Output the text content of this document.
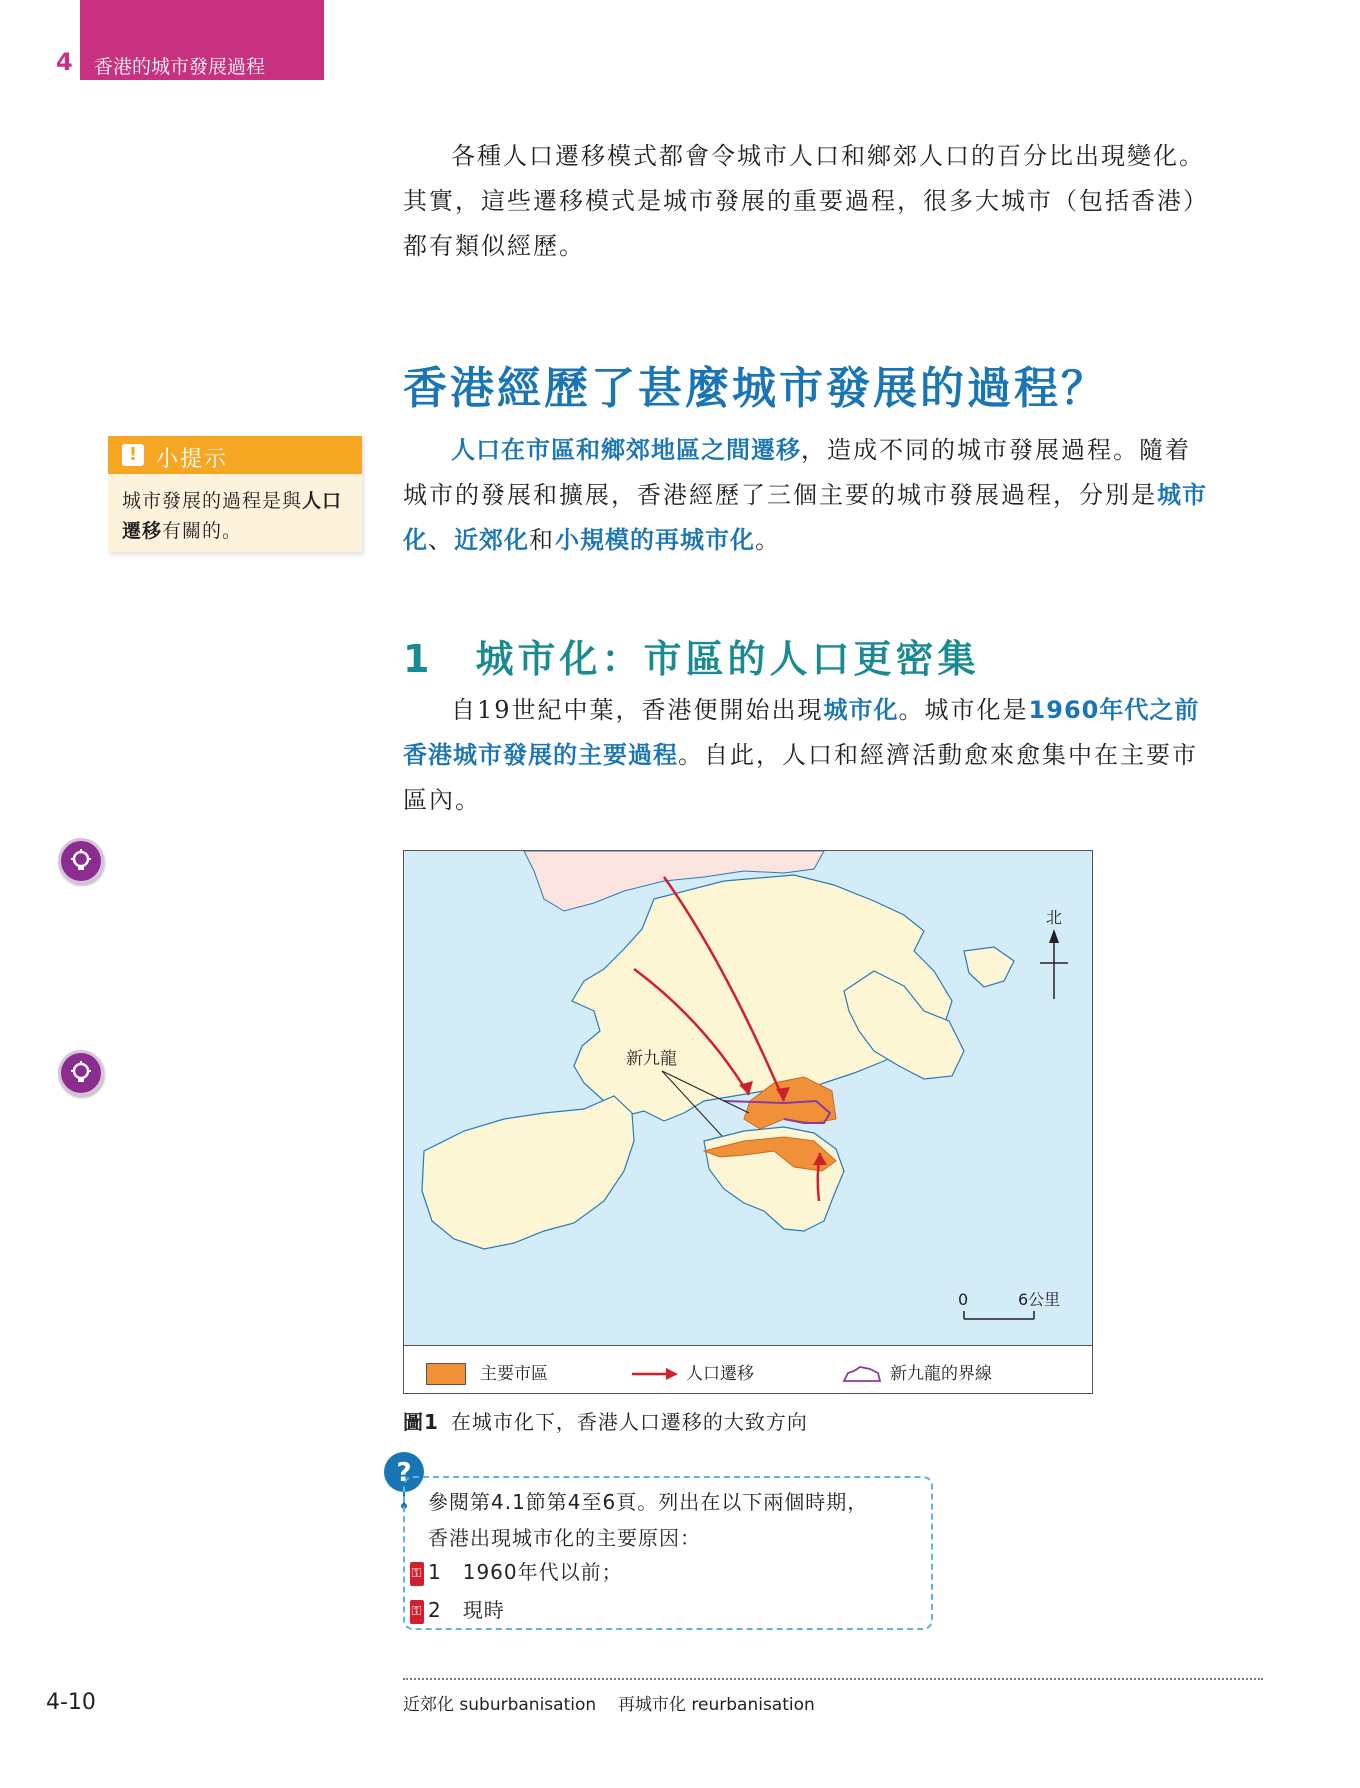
4 香港的城市發展過程
各種人口遷移模式都會令城市人口和鄉郊人口的百分比出現變化。
其實，這些遷移模式是城市發展的重要過程，很多大城市（包括香港）
都有類似經歷。
香港經歷了甚麼城市發展的過程？
! 小提示
城市發展的過程是與人口遷移有關的。
人口在市區和鄉郊地區之間遷移，造成不同的城市發展過程。隨着
城市的發展和擴展，香港經歷了三個主要的城市發展過程，分別是城市
化、近郊化和小規模的再城市化。
1　城市化：市區的人口更密集
自19世紀中葉，香港便開始出現城市化。城市化是1960年代之前
香港城市發展的主要過程。自此，人口和經濟活動愈來愈集中在主要市
區內。
新九龍
北
0	6公里
主要市區	人口遷移	新九龍的界線
圖1 在城市化下，香港人口遷移的大致方向
?
參閱第4.1節第4至6頁。列出在以下兩個時期，
香港出現城市化的主要原因：
⚿ 1　1960年代以前；
⚿ 2　現時
近郊化 suburbanisation 再城市化 reurbanisation
4-10
